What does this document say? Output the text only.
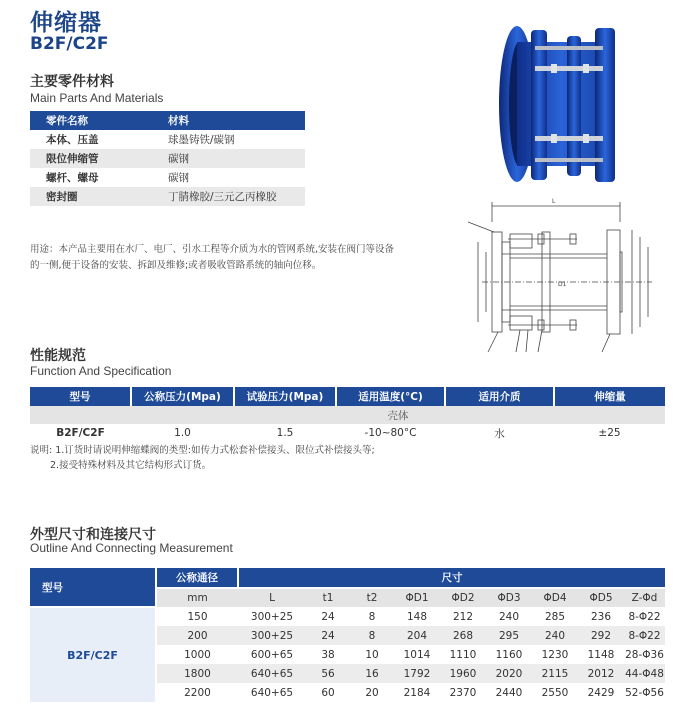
伸缩器
B2F/C2F
主要零件材料
Main Parts And Materials
零件名称	材料
本体、压盖	球墨铸铁/碳钢
限位伸缩管	碳钢
螺杆、螺母	碳钢
密封圈	丁腈橡胶/三元乙丙橡胶
用途：本产品主要用在水厂、电厂、引水工程等介质为水的管网系统,安装在阀门等设备
的一侧,便于设备的安装、拆卸及维修;或者吸收管路系统的轴向位移。
L
D1
性能规范
Function And Specification
型号	公称压力(Mpa)	试验压力(Mpa)	适用温度(°C)	适用介质	伸缩量
	壳体				
B2F/C2F	1.0	1.5	-10~80°C	水	±25
说明: 1.订货时请说明伸缩蝶阀的类型:如传力式松套补偿接头、限位式补偿接头等;
2.接受特殊材料及其它结构形式订货。
外型尺寸和连接尺寸
Outline And Connecting Measurement
型号	公称通径	尺寸								
	mm	L	t1	t2	ΦD1	ΦD2	ΦD3	ΦD4	ΦD5	Z-Φd
B2F/C2F	150	300+25	24	8	148	212	240	285	236	8-Φ22
	200	300+25	24	8	204	268	295	240	292	8-Φ22
	1000	600+65	38	10	1014	1110	1160	1230	1148	28-Φ36
	1800	640+65	56	16	1792	1960	2020	2115	2012	44-Φ48
	2200	640+65	60	20	2184	2370	2440	2550	2429	52-Φ56
